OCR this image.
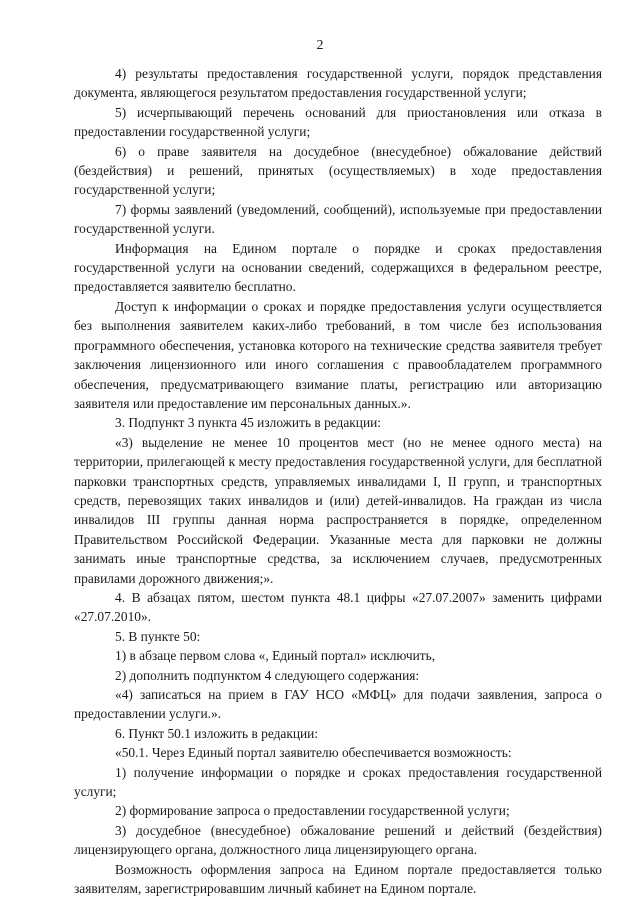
2

4) результаты предоставления государственной услуги, порядок представления документа, являющегося результатом предоставления государственной услуги;

5) исчерпывающий перечень оснований для приостановления или отказа в предоставлении государственной услуги;

6) о праве заявителя на досудебное (внесудебное) обжалование действий (бездействия) и решений, принятых (осуществляемых) в ходе предоставления государственной услуги;

7) формы заявлений (уведомлений, сообщений), используемые при предоставлении государственной услуги.

Информация на Едином портале о порядке и сроках предоставления государственной услуги на основании сведений, содержащихся в федеральном реестре, предоставляется заявителю бесплатно.

Доступ к информации о сроках и порядке предоставления услуги осуществляется без выполнения заявителем каких-либо требований, в том числе без использования программного обеспечения, установка которого на технические средства заявителя требует заключения лицензионного или иного соглашения с правообладателем программного обеспечения, предусматривающего взимание платы, регистрацию или авторизацию заявителя или предоставление им персональных данных.».

3. Подпункт 3 пункта 45 изложить в редакции:

«3) выделение не менее 10 процентов мест (но не менее одного места) на территории, прилегающей к месту предоставления государственной услуги, для бесплатной парковки транспортных средств, управляемых инвалидами I, II групп, и транспортных средств, перевозящих таких инвалидов и (или) детей-инвалидов. На граждан из числа инвалидов III группы данная норма распространяется в порядке, определенном Правительством Российской Федерации. Указанные места для парковки не должны занимать иные транспортные средства, за исключением случаев, предусмотренных правилами дорожного движения;».

4. В абзацах пятом, шестом пункта 48.1 цифры «27.07.2007» заменить цифрами «27.07.2010».

5. В пункте 50:

1) в абзаце первом слова «, Единый портал» исключить,

2) дополнить подпунктом 4 следующего содержания:

«4) записаться на прием в ГАУ НСО «МФЦ» для подачи заявления, запроса о предоставлении услуги.».

6. Пункт 50.1 изложить в редакции:

«50.1. Через Единый портал заявителю обеспечивается возможность:

1) получение информации о порядке и сроках предоставления государственной услуги;

2) формирование запроса о предоставлении государственной услуги;

3) досудебное (внесудебное) обжалование решений и действий (бездействия) лицензирующего органа, должностного лица лицензирующего органа.

Возможность оформления запроса на Едином портале предоставляется только заявителям, зарегистрировавшим личный кабинет на Едином портале.
